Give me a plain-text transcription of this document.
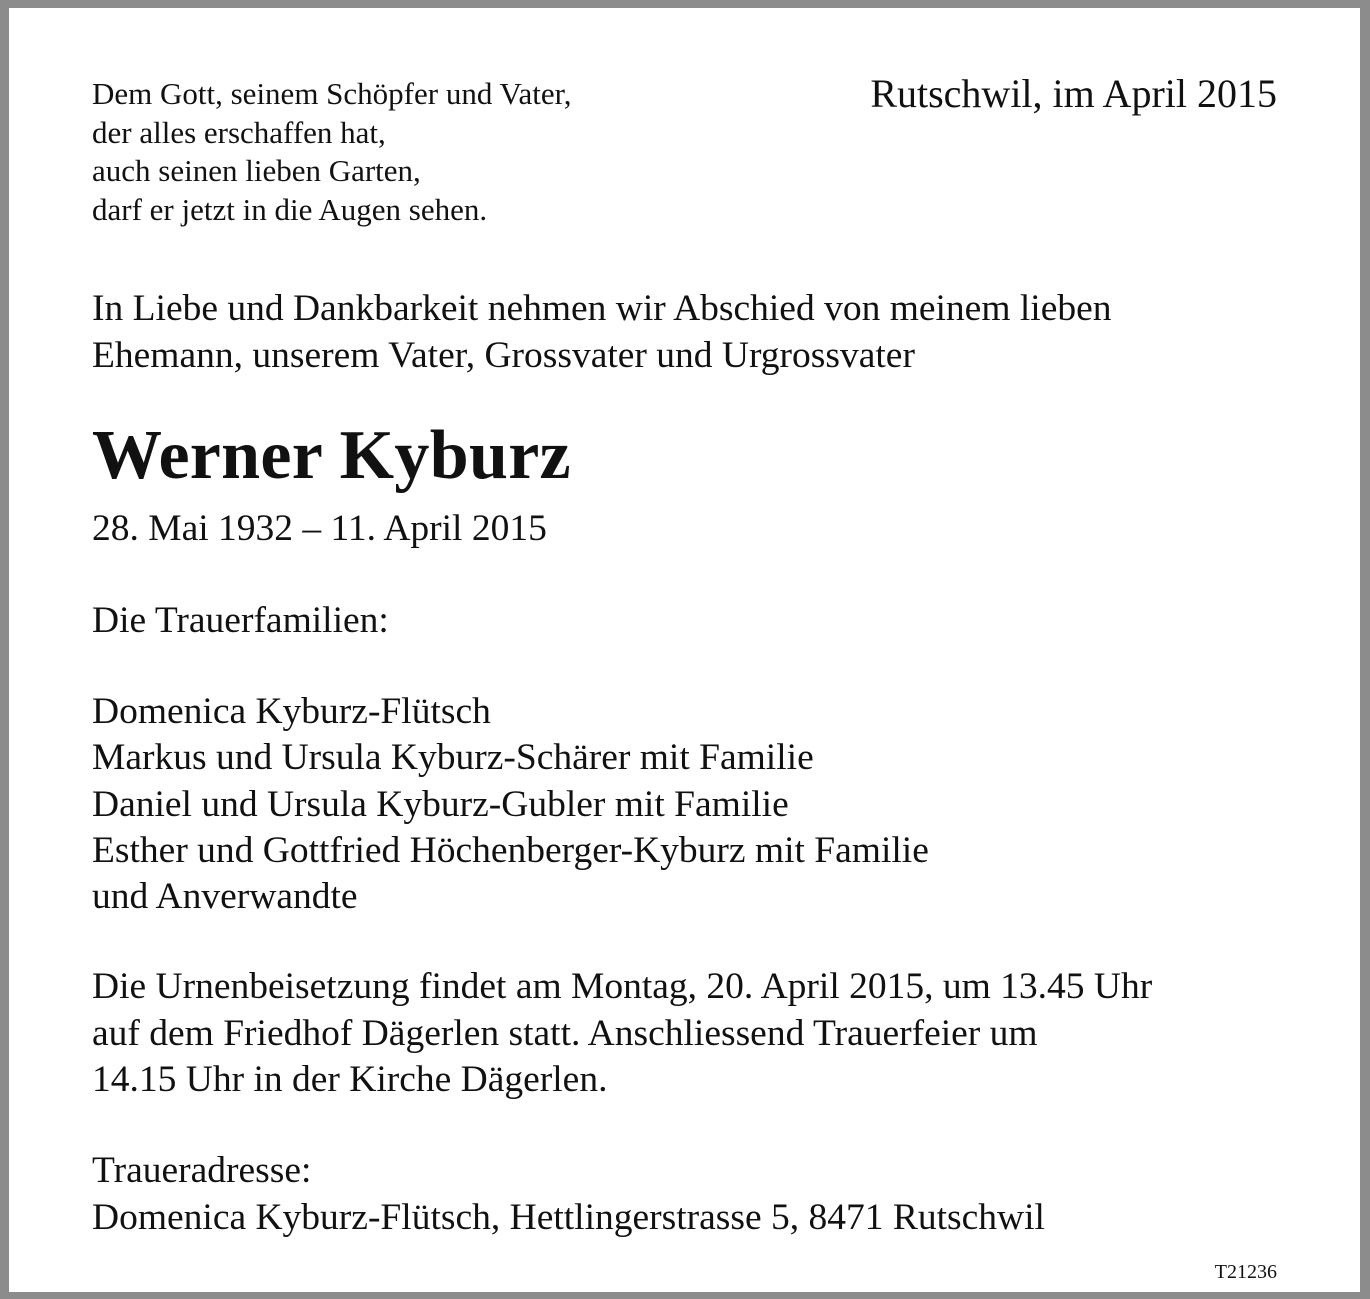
Dem Gott, seinem Schöpfer und Vater,
der alles erschaffen hat,
auch seinen lieben Garten,
darf er jetzt in die Augen sehen.
Rutschwil, im April 2015
In Liebe und Dankbarkeit nehmen wir Abschied von meinem lieben
Ehemann, unserem Vater, Grossvater und Urgrossvater
Werner Kyburz
28. Mai 1932 – 11. April 2015
Die Trauerfamilien:
Domenica Kyburz-Flütsch
Markus und Ursula Kyburz-Schärer mit Familie
Daniel und Ursula Kyburz-Gubler mit Familie
Esther und Gottfried Höchenberger-Kyburz mit Familie
und Anverwandte
Die Urnenbeisetzung findet am Montag, 20. April 2015, um 13.45 Uhr
auf dem Friedhof Dägerlen statt. Anschliessend Trauerfeier um
14.15 Uhr in der Kirche Dägerlen.
Traueradresse:
Domenica Kyburz-Flütsch, Hettlingerstrasse 5, 8471 Rutschwil
T21236
